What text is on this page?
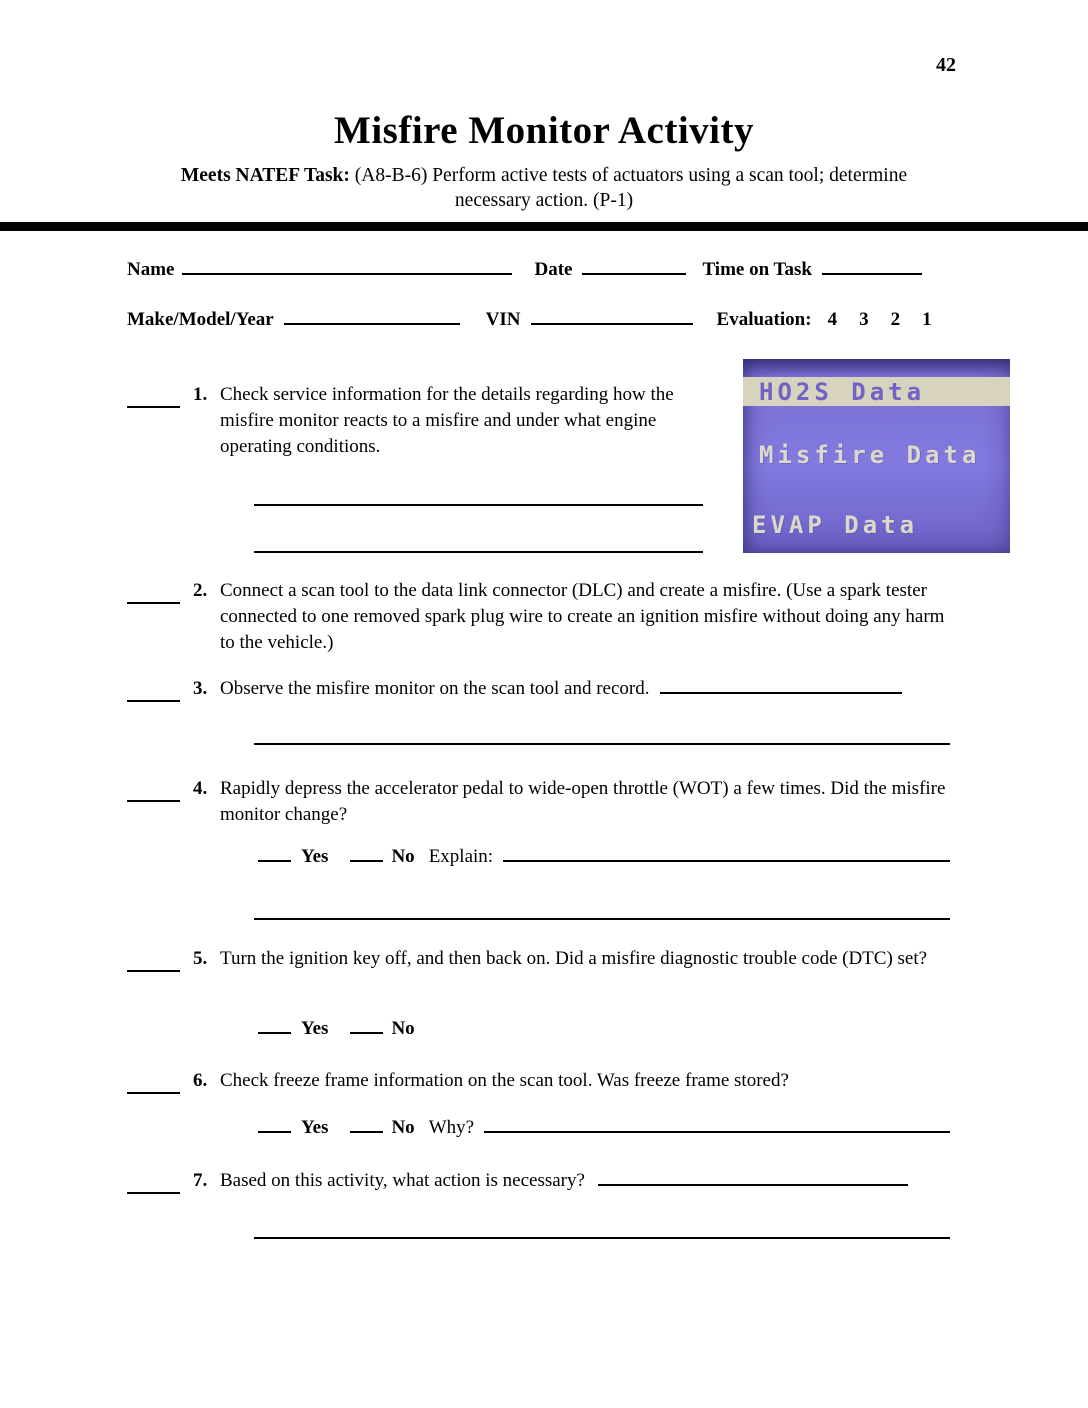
42
Misfire Monitor Activity
Meets NATEF Task: (A8-B-6) Perform active tests of actuators using a scan tool; determine
necessary action. (P-1)
Name	Date	Time on Task
Make/Model/Year	VIN	Evaluation: 4 3 2 1
HO2S Data
Misfire Data
EVAP Data
1. Check service information for the details regarding how the misfire monitor reacts to a misfire and under what engine operating conditions.
2. Connect a scan tool to the data link connector (DLC) and create a misfire. (Use a spark tester connected to one removed spark plug wire to create an ignition misfire without doing any harm to the vehicle.)
3. Observe the misfire monitor on the scan tool and record.
4. Rapidly depress the accelerator pedal to wide-open throttle (WOT) a few times. Did the misfire monitor change?
Yes	No Explain:
5. Turn the ignition key off, and then back on. Did a misfire diagnostic trouble code (DTC) set?
Yes	No
6. Check freeze frame information on the scan tool. Was freeze frame stored?
Yes	No Why?
7. Based on this activity, what action is necessary?
